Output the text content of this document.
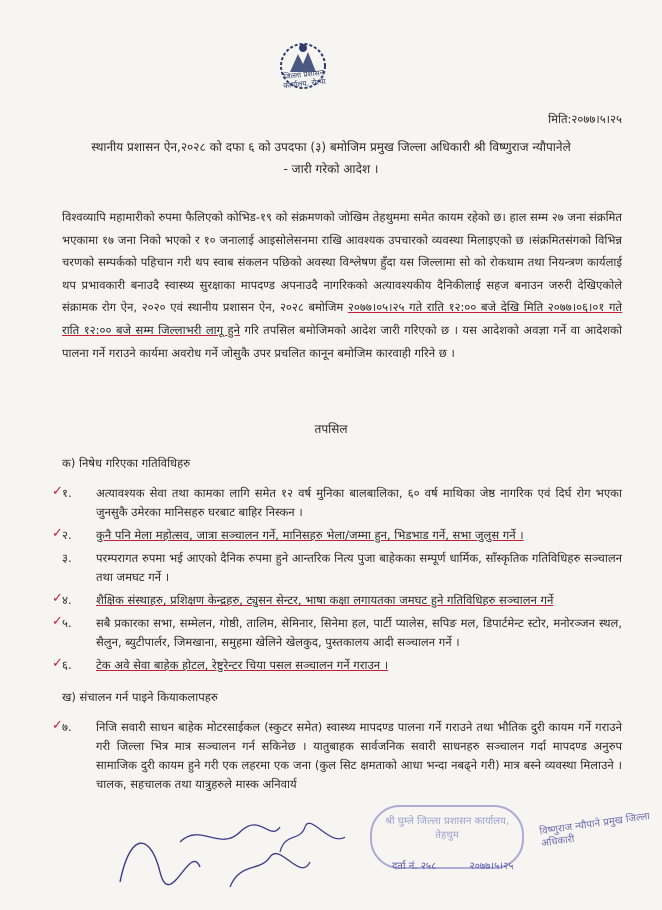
जिल्ला प्रशासन कार्यालय, रोल्पा
मिति:२०७७।५।२५
स्थानीय प्रशासन ऐन,२०२८ को दफा ६ को उपदफा (३) बमोजिम प्रमुख जिल्ला अधिकारी श्री विष्णुराज न्यौपानेले
- जारी गरेको आदेश ।
विश्वव्यापि महामारीको रुपमा फैलिएको कोभिड-१९ को संक्रमणको जोखिम तेहथुममा समेत कायम रहेको छ। हाल सम्म २७ जना संक्रमित भएकामा १७ जना निको भएको र १० जनालाई आइसोलेसनमा राखि आवश्यक उपचारको व्यवस्था मिलाइएको छ ।संक्रमितसंगको विभिन्न चरणको सम्पर्कको पहिचान गरी थप स्वाब संकलन पछिको अवस्था विश्लेषण हुँदा यस जिल्लामा सो को रोकथाम तथा नियन्त्रण कार्यलाई थप प्रभावकारी बनाउदै स्वास्थ्य सुरक्षाका मापदण्ड अपनाउदै नागरिकको अत्यावश्यकीय दैनिकीलाई सहज बनाउन जरुरी देखिएकोले संक्रामक रोग ऐन, २०२० एवं स्थानीय प्रशासन ऐन, २०२८ बमोजिम २०७७।०५।२५ गते राति १२:०० बजे देखि मिति २०७७।०६।०१ गते राति १२:०० बजे सम्म जिल्लाभरी लागू हुने गरि तपसिल बमोजिमको आदेश जारी गरिएको छ । यस आदेशको अवज्ञा गर्ने वा आदेशको पालना गर्ने गराउने कार्यमा अवरोध गर्ने जोसुकै उपर प्रचलित कानून बमोजिम कारवाही गरिने छ ।
तपसिल
क) निषेध गरिएका गतिविधिहरु
✓ १.	अत्यावश्यक सेवा तथा कामका लागि समेत १२ वर्ष मुनिका बालबालिका, ६० वर्ष माथिका जेष्ठ नागरिक एवं दिर्घ रोग भएका जुनसुकै उमेरका मानिसहरु घरबाट बाहिर निस्कन ।
✓ २.	कुनै पनि मेला महोत्सव, जात्रा सञ्चालन गर्ने, मानिसहरु भेला/जम्मा हुन, भिडभाड गर्ने, सभा जुलुस गर्ने ।
३.	परम्परागत रुपमा भई आएको दैनिक रुपमा हुने आन्तरिक नित्य पुजा बाहेकका सम्पूर्ण धार्मिक, साँस्कृतिक गतिविधिहरु सञ्चालन तथा जमघट गर्ने ।
✓ ४.	शैक्षिक संस्थाहरु, प्रशिक्षण केन्द्रहरु, ट्युसन सेन्टर, भाषा कक्षा लगायतका जमघट हुने गतिविधिहरु सञ्चालन गर्ने
✓ ५.	सबै प्रकारका सभा, सम्मेलन, गोष्ठी, तालिम, सेमिनार, सिनेमा हल, पार्टी प्यालेस, सपिङ मल, डिपार्टमेन्ट स्टोर, मनोरञ्जन स्थल, सैलुन, ब्युटीपार्लर, जिमखाना, समुहमा खेलिने खेलकुद, पुस्तकालय आदी सञ्चालन गर्ने ।
✓ ६.	टेक अवे सेवा बाहेक होटल, रेष्टुरेन्टर चिया पसल सञ्चालन गर्ने गराउन ।
ख) संचालन गर्न पाइने कियाकलापहरु
✓ ७.	निजि सवारी साधन बाहेक मोटरसाईकल (स्कुटर समेत) स्वास्थ्य मापदण्ड पालना गर्ने गराउने तथा भौतिक दुरी कायम गर्ने गराउने गरी जिल्ला भित्र मात्र सञ्चालन गर्न सकिनेछ । यातुबाहक सार्वजनिक सवारी साधनहरु सञ्चालन गर्दा मापदण्ड अनुरुप सामाजिक दुरी कायम हुने गरी एक लहरमा एक जना (कुल सिट क्षमताको आधा भन्दा नबढ्ने गरी) मात्र बस्ने व्यवस्था मिलाउने । चालक, सहचालक तथा यात्रुहरुले मास्क अनिवार्य
श्री घुम्ले जिल्ला प्रशासन कार्यालय, तेहथुम	विष्णुराज न्यौपाने प्रमुख जिल्ला अधिकारी
दर्ता नं. २५८	२०७७।५।२५
